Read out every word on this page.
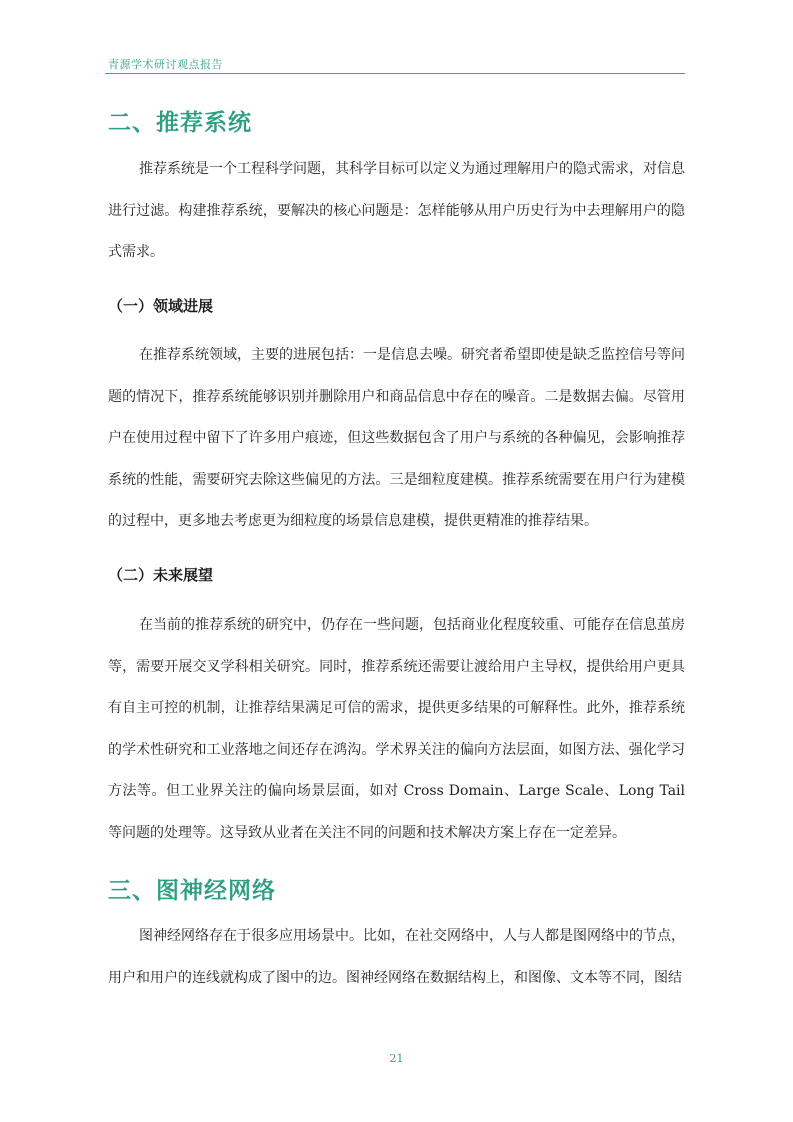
青源学术研讨观点报告
二、推荐系统

推荐系统是一个工程科学问题，其科学目标可以定义为通过理解用户的隐式需求，对信息进行过滤。构建推荐系统，要解决的核心问题是：怎样能够从用户历史行为中去理解用户的隐式需求。

（一）领域进展

在推荐系统领域，主要的进展包括：一是信息去噪。研究者希望即使是缺乏监控信号等问题的情况下，推荐系统能够识别并删除用户和商品信息中存在的噪音。二是数据去偏。尽管用户在使用过程中留下了许多用户痕迹，但这些数据包含了用户与系统的各种偏见，会影响推荐系统的性能，需要研究去除这些偏见的方法。三是细粒度建模。推荐系统需要在用户行为建模的过程中，更多地去考虑更为细粒度的场景信息建模，提供更精准的推荐结果。

（二）未来展望

在当前的推荐系统的研究中，仍存在一些问题，包括商业化程度较重、可能存在信息茧房等，需要开展交叉学科相关研究。同时，推荐系统还需要让渡给用户主导权，提供给用户更具有自主可控的机制，让推荐结果满足可信的需求，提供更多结果的可解释性。此外，推荐系统的学术性研究和工业落地之间还存在鸿沟。学术界关注的偏向方法层面，如图方法、强化学习方法等。但工业界关注的偏向场景层面，如对 Cross Domain、Large Scale、Long Tail 等问题的处理等。这导致从业者在关注不同的问题和技术解决方案上存在一定差异。

三、图神经网络

图神经网络存在于很多应用场景中。比如，在社交网络中，人与人都是图网络中的节点，用户和用户的连线就构成了图中的边。图神经网络在数据结构上，和图像、文本等不同，图结

21
